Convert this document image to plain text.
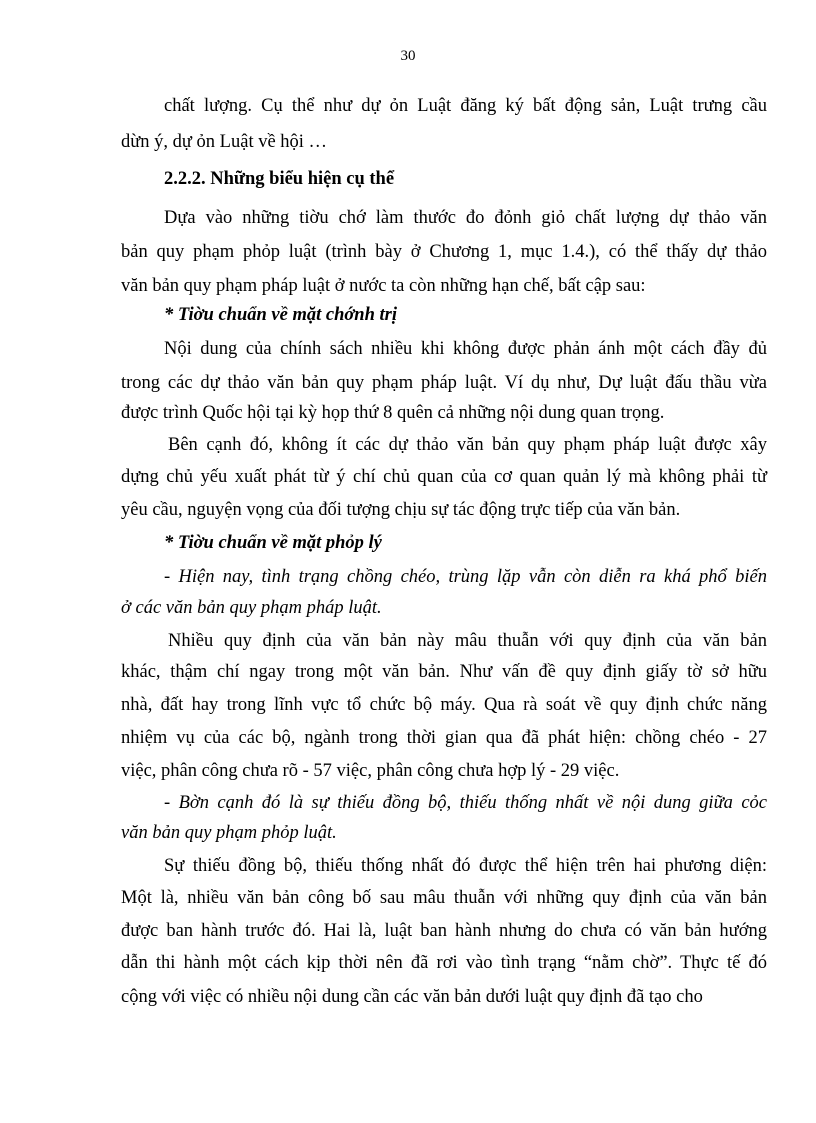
30
chất lượng. Cụ thể như dự ỏn Luật đăng ký bất động sản, Luật trưng cầu
dừn ý, dự ỏn Luật về hội …
2.2.2. Những biểu hiện cụ thể
Dựa vào những tiờu chớ làm thước đo đỏnh giỏ chất lượng dự thảo văn
bản quy phạm phỏp luật (trình bày ở Chương 1, mục 1.4.), có thể thấy dự thảo
văn bản quy phạm pháp luật ở nước ta còn những hạn chế, bất cập sau:
* Tiờu chuẩn về mặt chớnh trị
Nội dung của chính sách nhiều khi không được phản ánh một cách đầy đủ
trong các dự thảo văn bản quy phạm pháp luật. Ví dụ như, Dự luật đấu thầu vừa
được trình Quốc hội tại kỳ họp thứ 8 quên cả những nội dung quan trọng.
Bên cạnh đó, không ít các dự thảo văn bản quy phạm pháp luật được xây
dựng chủ yếu xuất phát từ ý chí chủ quan của cơ quan quản lý mà không phải từ
yêu cầu, nguyện vọng của đối tượng chịu sự tác động trực tiếp của văn bản.
* Tiờu chuẩn về mặt phỏp lý
- Hiện nay, tình trạng chồng chéo, trùng lặp vẫn còn diễn ra khá phổ biến
ở các văn bản quy phạm pháp luật.
Nhiều quy định của văn bản này mâu thuẫn với quy định của văn bản
khác, thậm chí ngay trong một văn bản. Như vấn đề quy định giấy tờ sở hữu
nhà, đất hay trong lĩnh vực tổ chức bộ máy. Qua rà soát về quy định chức năng
nhiệm vụ của các bộ, ngành trong thời gian qua đã phát hiện: chồng chéo - 27
việc, phân công chưa rõ - 57 việc, phân công chưa hợp lý - 29 việc.
- Bờn cạnh đó là sự thiếu đồng bộ, thiếu thống nhất về nội dung giữa cỏc
văn bản quy phạm phỏp luật.
Sự thiếu đồng bộ, thiếu thống nhất đó được thể hiện trên hai phương diện:
Một là, nhiều văn bản công bố sau mâu thuẫn với những quy định của văn bản
được ban hành trước đó. Hai là, luật ban hành nhưng do chưa có văn bản hướng
dẫn thi hành một cách kịp thời nên đã rơi vào tình trạng “nằm chờ”. Thực tế đó
cộng với việc có nhiều nội dung cần các văn bản dưới luật quy định đã tạo cho
